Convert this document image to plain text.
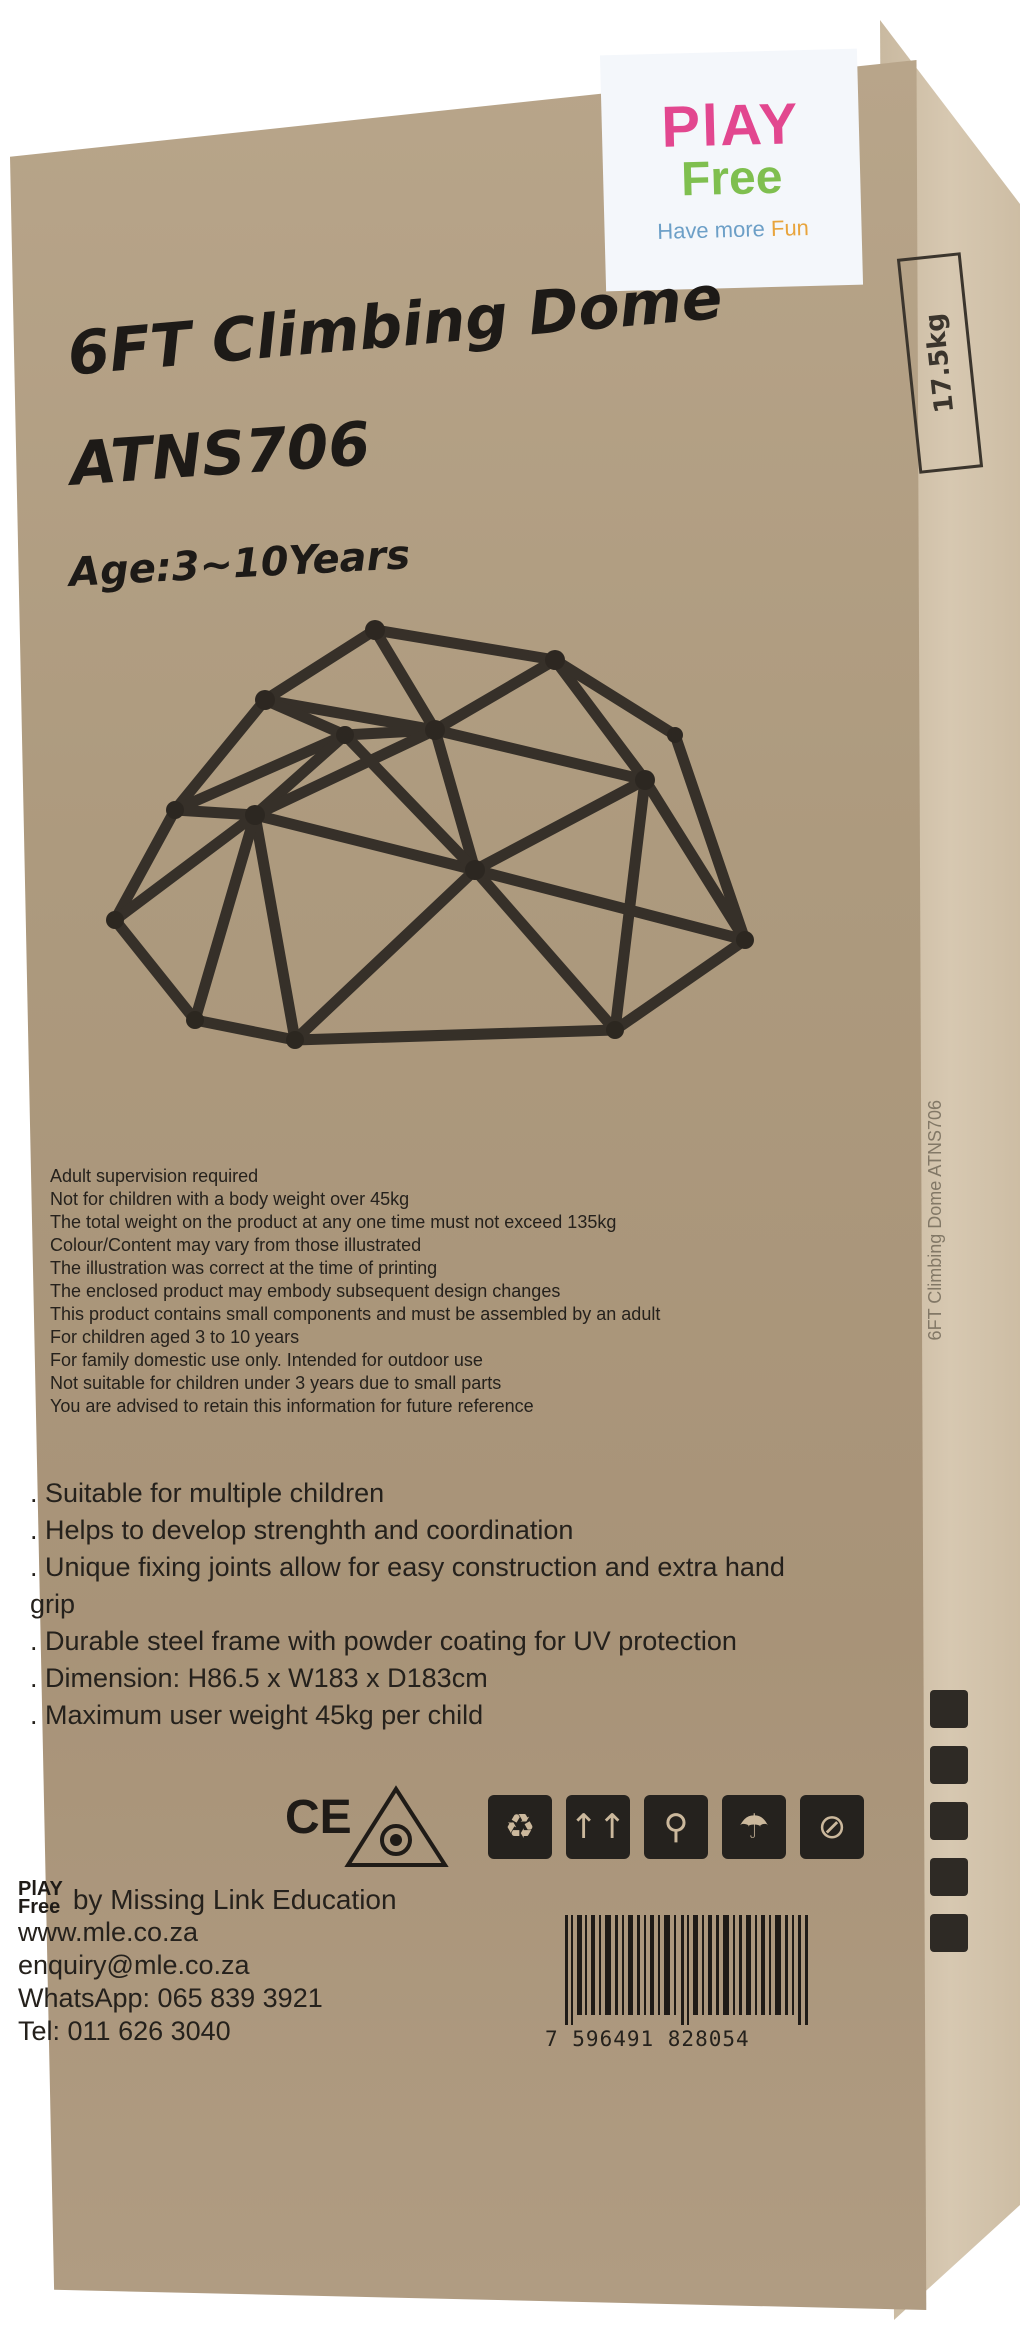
17.5kg
6FT Climbing Dome ATNS706
PlAY
Free
Have more Fun
6FT Climbing Dome
ATNS706
Age:3~10Years
Adult supervision required
Not for children with a body weight over 45kg
The total weight on the product at any one time must not exceed 135kg
Colour/Content may vary from those illustrated
The illustration was correct at the time of printing
The enclosed product may embody subsequent design changes
This product contains small components and must be assembled by an adult
For children aged 3 to 10 years
For family domestic use only. Intended for outdoor use
Not suitable for children under 3 years due to small parts
You are advised to retain this information for future reference
. Suitable for multiple children
. Helps to develop strenghth and coordination
. Unique fixing joints allow for easy construction and extra hand grip
. Durable steel frame with powder coating for UV protection
. Dimension: H86.5 x W183 x D183cm
. Maximum user weight 45kg per child
CE	♻	↑↑	⚲	☂	⊘
PlAY
Free by Missing Link Education
www.mle.co.za
enquiry@mle.co.za
WhatsApp: 065 839 3921
Tel: 011 626 3040	7 596491 828054
